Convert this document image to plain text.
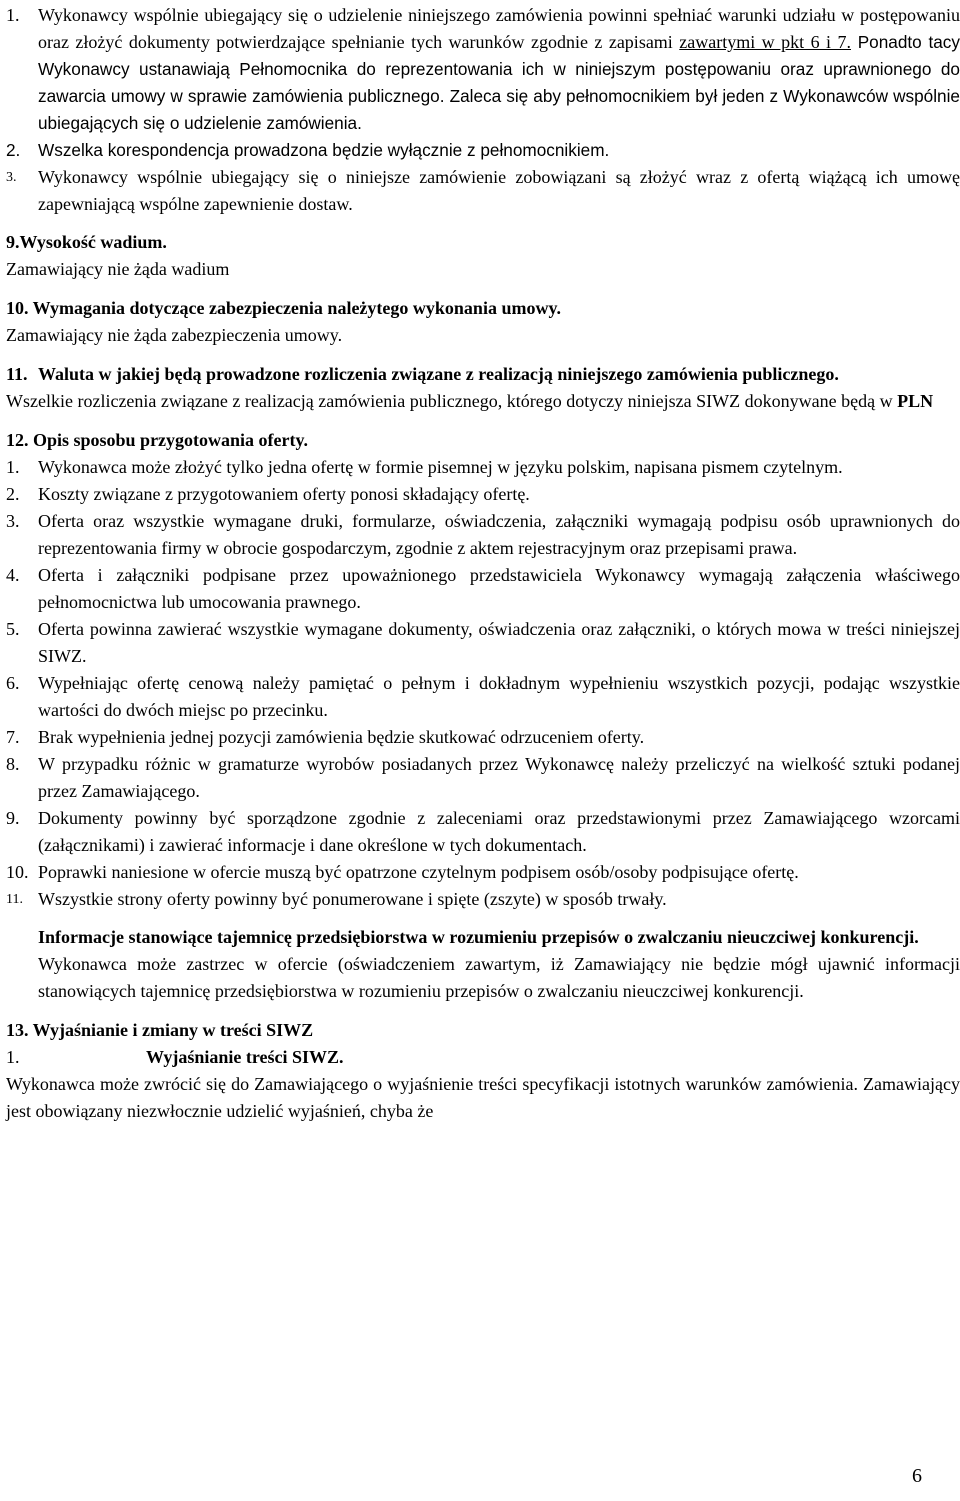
1. Wykonawcy wspólnie ubiegający się o udzielenie niniejszego zamówienia powinni spełniać warunki udziału w postępowaniu oraz złożyć dokumenty potwierdzające spełnianie tych warunków zgodnie z zapisami zawartymi w pkt 6 i 7. Ponadto tacy Wykonawcy ustanawiają Pełnomocnika do reprezentowania ich w niniejszym postępowaniu oraz uprawnionego do zawarcia umowy w sprawie zamówienia publicznego. Zaleca się aby pełnomocnikiem był jeden z Wykonawców wspólnie ubiegających się o udzielenie zamówienia.
2. Wszelka korespondencja prowadzona będzie wyłącznie z pełnomocnikiem.
3. Wykonawcy wspólnie ubiegający się o niniejsze zamówienie zobowiązani są złożyć wraz z ofertą wiążącą ich umowę zapewniającą wspólne zapewnienie dostaw.
9.Wysokość wadium.
Zamawiający nie żąda wadium
10. Wymagania dotyczące zabezpieczenia należytego wykonania umowy.
Zamawiający nie żąda zabezpieczenia umowy.
11. Waluta w jakiej będą prowadzone rozliczenia związane z realizacją niniejszego zamówienia publicznego.
Wszelkie rozliczenia związane z realizacją zamówienia publicznego, którego dotyczy niniejsza SIWZ dokonywane będą w PLN
12. Opis sposobu przygotowania oferty.
1. Wykonawca może złożyć tylko jedna ofertę w formie pisemnej w języku polskim, napisana pismem czytelnym.
2. Koszty związane z przygotowaniem oferty ponosi składający ofertę.
3. Oferta oraz wszystkie wymagane druki, formularze, oświadczenia, załączniki wymagają podpisu osób uprawnionych do reprezentowania firmy w obrocie gospodarczym, zgodnie z aktem rejestracyjnym oraz przepisami prawa.
4. Oferta i załączniki podpisane przez upoważnionego przedstawiciela Wykonawcy wymagają załączenia właściwego pełnomocnictwa lub umocowania prawnego.
5. Oferta powinna zawierać wszystkie wymagane dokumenty, oświadczenia oraz załączniki, o których mowa w treści niniejszej SIWZ.
6. Wypełniając ofertę cenową należy pamiętać o pełnym i dokładnym wypełnieniu wszystkich pozycji, podając wszystkie wartości do dwóch miejsc po przecinku.
7. Brak wypełnienia jednej pozycji zamówienia będzie skutkować odrzuceniem oferty.
8. W przypadku różnic w gramaturze wyrobów posiadanych przez Wykonawcę należy przeliczyć na wielkość sztuki podanej przez Zamawiającego.
9. Dokumenty powinny być sporządzone zgodnie z zaleceniami oraz przedstawionymi przez Zamawiającego wzorcami (załącznikami) i zawierać informacje i dane określone w tych dokumentach.
10. Poprawki naniesione w ofercie muszą być opatrzone czytelnym podpisem osób/osoby podpisujące ofertę.
11. Wszystkie strony oferty powinny być ponumerowane i spięte (zszyte) w sposób trwały.
Informacje stanowiące tajemnicę przedsiębiorstwa w rozumieniu przepisów o zwalczaniu nieuczciwej konkurencji.
Wykonawca może zastrzec w ofercie (oświadczeniem zawartym, iż Zamawiający nie będzie mógł ujawnić informacji stanowiących tajemnicę przedsiębiorstwa w rozumieniu przepisów o zwalczaniu nieuczciwej konkurencji.
13. Wyjaśnianie i zmiany w treści SIWZ
1.	Wyjaśnianie treści SIWZ.
Wykonawca może zwrócić się do Zamawiającego o wyjaśnienie treści specyfikacji istotnych warunków zamówienia. Zamawiający jest obowiązany niezwłocznie udzielić wyjaśnień, chyba że
6
